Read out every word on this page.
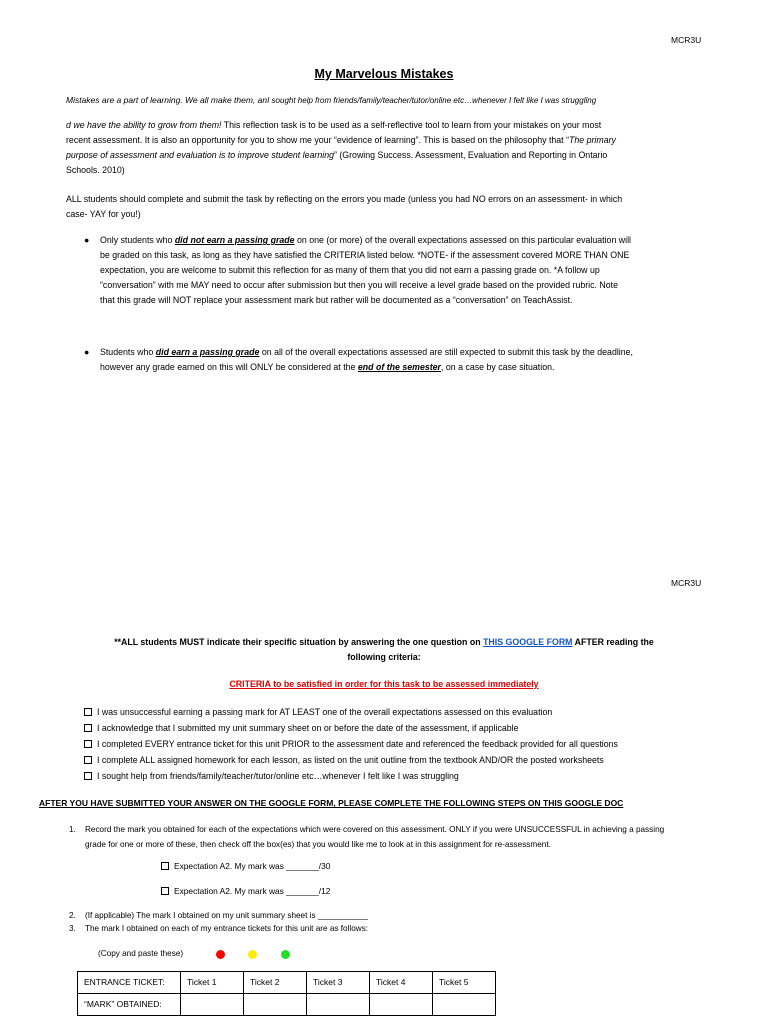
MCR3U
My Marvelous Mistakes
Mistakes are a part of learning. We all make them, anI sought help from friends/family/teacher/tutor/online etc…whenever I felt like I was struggling
d we have the ability to grow from them! This reflection task is to be used as a self-reflective tool to learn from your mistakes on your most
recent assessment. It is also an opportunity for you to show me your “evidence of learning”. This is based on the philosophy that “The primary
purpose of assessment and evaluation is to improve student learning” (Growing Success. Assessment, Evaluation and Reporting in Ontario
Schools. 2010)
ALL students should complete and submit the task by reflecting on the errors you made (unless you had NO errors on an assessment- in which
case- YAY for you!)
● Only students who did not earn a passing grade on one (or more) of the overall expectations assessed on this particular evaluation will
be graded on this task, as long as they have satisfied the CRITERIA listed below. *NOTE- if the assessment covered MORE THAN ONE
expectation, you are welcome to submit this reflection for as many of them that you did not earn a passing grade on. *A follow up
“conversation” with me MAY need to occur after submission but then you will receive a level grade based on the provided rubric. Note
that this grade will NOT replace your assessment mark but rather will be documented as a “conversation” on TeachAssist.
● Students who did earn a passing grade on all of the overall expectations assessed are still expected to submit this task by the deadline,
however any grade earned on this will ONLY be considered at the end of the semester, on a case by case situation.
MCR3U
**ALL students MUST indicate their specific situation by answering the one question on THIS GOOGLE FORM AFTER reading the
following criteria:
CRITERIA to be satisfied in order for this task to be assessed immediately
I was unsuccessful earning a passing mark for AT LEAST one of the overall expectations assessed on this evaluation
I acknowledge that I submitted my unit summary sheet on or before the date of the assessment, if applicable
I completed EVERY entrance ticket for this unit PRIOR to the assessment date and referenced the feedback provided for all questions
I complete ALL assigned homework for each lesson, as listed on the unit outline from the textbook AND/OR the posted worksheets
I sought help from friends/family/teacher/tutor/online etc…whenever I felt like I was struggling
AFTER YOU HAVE SUBMITTED YOUR ANSWER ON THE GOOGLE FORM, PLEASE COMPLETE THE FOLLOWING STEPS ON THIS GOOGLE DOC
1. Record the mark you obtained for each of the expectations which were covered on this assessment. ONLY if you were UNSUCCESSFUL in achieving a passing
grade for one or more of these, then check off the box(es) that you would like me to look at in this assignment for re-assessment.
Expectation A2. My mark was _______/30
Expectation A2. My mark was _______/12
2. (If applicable) The mark I obtained on my unit summary sheet is ___________
3. The mark I obtained on each of my entrance tickets for this unit are as follows:
(Copy and paste these)
ENTRANCE TICKET:	Ticket 1	Ticket 2	Ticket 3	Ticket 4	Ticket 5
“MARK” OBTAINED:					
